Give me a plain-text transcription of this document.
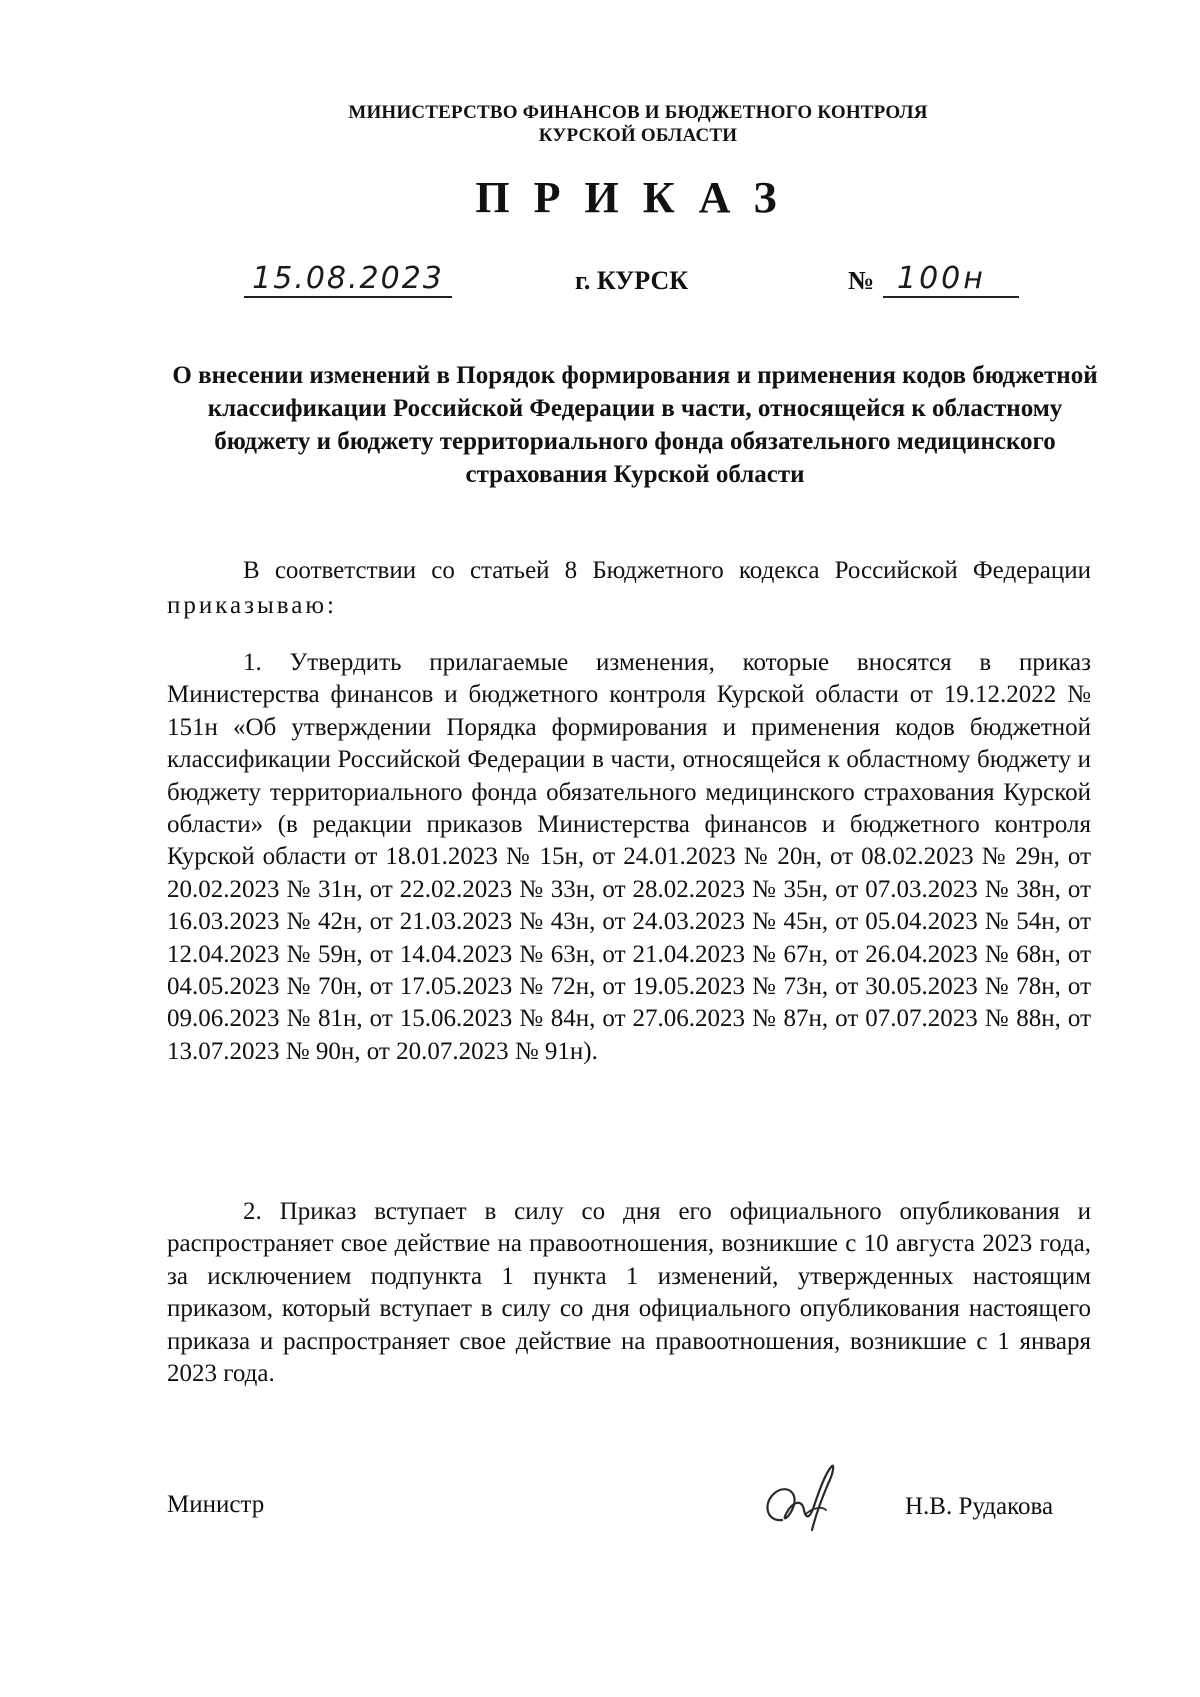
МИНИСТЕРСТВО ФИНАНСОВ И БЮДЖЕТНОГО КОНТРОЛЯ
КУРСКОЙ ОБЛАСТИ
ПРИКАЗ
15.08.2023	г. КУРСК	№ 100н
О внесении изменений в Порядок формирования и применения кодов бюджетной классификации Российской Федерации в части, относящейся к областному бюджету и бюджету территориального фонда обязательного медицинского страхования Курской области
В соответствии со статьей 8 Бюджетного кодекса Российской Федерации приказываю:
1. Утвердить прилагаемые изменения, которые вносятся в приказ Министерства финансов и бюджетного контроля Курской области от 19.12.2022 № 151н «Об утверждении Порядка формирования и применения кодов бюджетной классификации Российской Федерации в части, относящейся к областному бюджету и бюджету территориального фонда обязательного медицинского страхования Курской области» (в редакции приказов Министерства финансов и бюджетного контроля Курской области от 18.01.2023 № 15н, от 24.01.2023 № 20н, от 08.02.2023 № 29н, от 20.02.2023 № 31н, от 22.02.2023 № 33н, от 28.02.2023 № 35н, от 07.03.2023 № 38н, от 16.03.2023 № 42н, от 21.03.2023 № 43н, от 24.03.2023 № 45н, от 05.04.2023 № 54н, от 12.04.2023 № 59н, от 14.04.2023 № 63н, от 21.04.2023 № 67н, от 26.04.2023 № 68н, от 04.05.2023 № 70н, от 17.05.2023 № 72н, от 19.05.2023 № 73н, от 30.05.2023 № 78н, от 09.06.2023 № 81н, от 15.06.2023 № 84н, от 27.06.2023 № 87н, от 07.07.2023 № 88н, от 13.07.2023 № 90н, от 20.07.2023 № 91н).
2. Приказ вступает в силу со дня его официального опубликования и распространяет свое действие на правоотношения, возникшие с 10 августа 2023 года, за исключением подпункта 1 пункта 1 изменений, утвержденных настоящим приказом, который вступает в силу со дня официального опубликования настоящего приказа и распространяет свое действие на правоотношения, возникшие с 1 января 2023 года.
Министр	Н.В. Рудакова
